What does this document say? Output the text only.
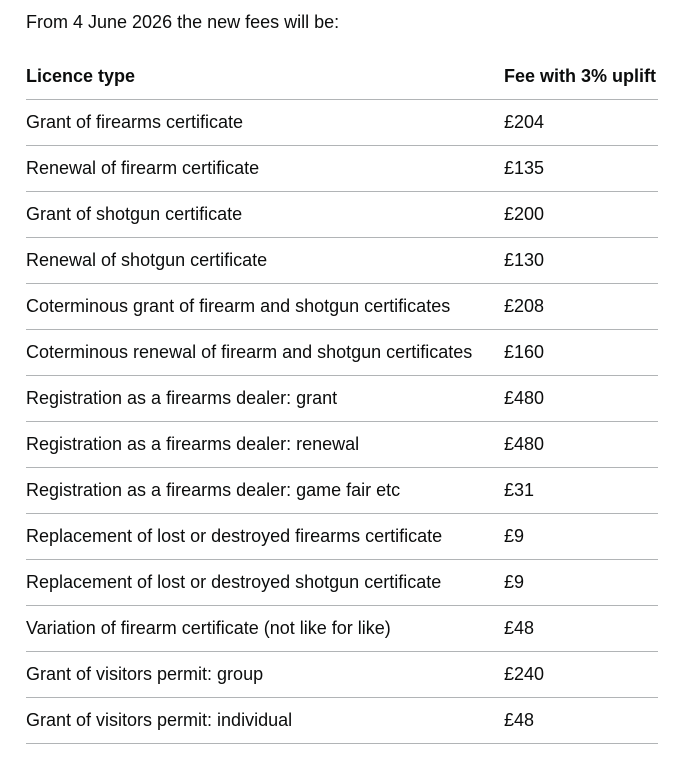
From 4 June 2026 the new fees will be:

Licence type	Fee with 3% uplift
Grant of firearms certificate	£204
Renewal of firearm certificate	£135
Grant of shotgun certificate	£200
Renewal of shotgun certificate	£130
Coterminous grant of firearm and shotgun certificates	£208
Coterminous renewal of firearm and shotgun certificates	£160
Registration as a firearms dealer: grant	£480
Registration as a firearms dealer: renewal	£480
Registration as a firearms dealer: game fair etc	£31
Replacement of lost or destroyed firearms certificate	£9
Replacement of lost or destroyed shotgun certificate	£9
Variation of firearm certificate (not like for like)	£48
Grant of visitors permit: group	£240
Grant of visitors permit: individual	£48
